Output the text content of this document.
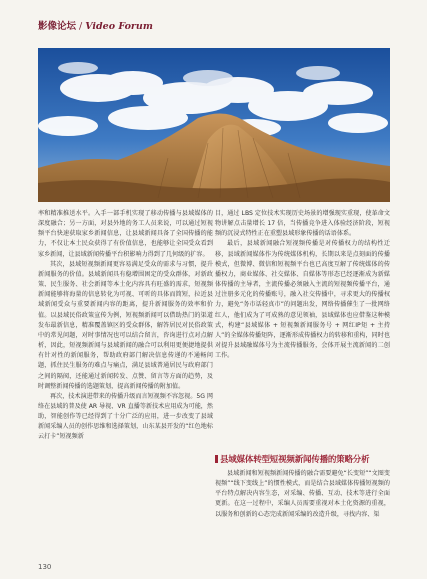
影像论坛 / Video Forum

率和精准推送水平。入手一部手机实现了移动传播与县域媒体的深度融合；另一方面，对县外地的务工人员来说，可以通过短视频平台快速获取家乡新闻信息，让县域新闻具备了全国传播的能力，不仅让本土民众获得了有价值信息，也能够让全国受众看到家乡新闻，让县域新闻传播平台积影响力得到了几何级的扩容。

其次，县域短视频新闻更容易满足受众的需求与习惯，提升新闻服务的价值。县域新闻具有稳增围困定的受众群体，对新政策、民生服务、社会新闻等本土化内容具有旺盛的需求，短视频新闻能够将海量的信息转化为可视、可听的具体而简短，拉近县域新闻受众与重要新闻内容的距离，提升新闻服务的效率和价值。以县域民俗政策宣传为例，短视频新闻可以借助热门的渠道发布最新信息，精准覆盖镇区的受众群体，解答居民对民俗政策中的常见问题，对时事情况也可以结合留言，咨询进行点对点解析，因此，短视频新闻与县域新闻的融合可以利用更便捷地提供有针对性的新闻服务，帮助政府部门解决信息传递的不通畅问题，抓住民生服务的难点与痛点，满足县域普通居民与政府部门之间的隔阂，还能通过新闻转发、点赞、留言等方面的趋势，及时调整新闻传播的选题策划，提高新闻传播的附加值。

再次，技术演进带来的传播升级而言短视频不容忽视。5G 网络在县域的普及使 AR 导视、VR 直播等新技术应用成为可能，然助，智能创作等已经得到了十分广泛的应用，进一步改变了县域新闻采编人员的创作思维和选择策划，山东某县开发的“红色地标云打卡”短视频新

目，通过 LBS 定位技术实现历史场景的增强现实重现，使革命文物讲解点击量增长 17 倍，当传播竞争进入体验经济阶段，短视频的沉浸式特性正在重塑县域形象传播的话语体系。

最后，县域新闻融合短视频传播是对传播权力的结构性迁移，县域新闻媒体作为传统媒体机构，长期以来是点刻面的传播模式，但微博、微信和短视频平台也已高度互解了传统媒体的传播权力，商业媒体、社交媒体、自媒体等形态已经逐渐成为新媒体传播的主导者，主流传播必须融入主流的短视频传播平台，通过注册多元化的传播账号，融入社交传播中，寻求更大的传播权力，避免“务市话轻真市”的问题出发，网络传播催生了一批网络红人，他们成为了可成熟的意见领袖，县域媒体也应借鉴这种模式，构建“县域媒体 + 短视频新闻服务号 + 网红IP矩 + 主持人”的全媒体传播矩阵，逐渐形成传播权力的转移和重构，同时也对提升县域融媒体号为主流传播服务，会体开展主流新闻的二创工作。

县域媒体转型短视频新闻传播的策略分析

县域新闻和短视频新闻传播的融合需要避免“长变短”“文图变视频”“线下变线上”的惯性模式，而是结合县域媒体传播短视频的平台特点解决内容生态，对采编、传播、互动、技术等进行全面更新。在这一过程中，采编人员需要重视对本土化资源的重视，以服务和创新的心态完成新闻采编的改造升级，寻找内容、渠

130
